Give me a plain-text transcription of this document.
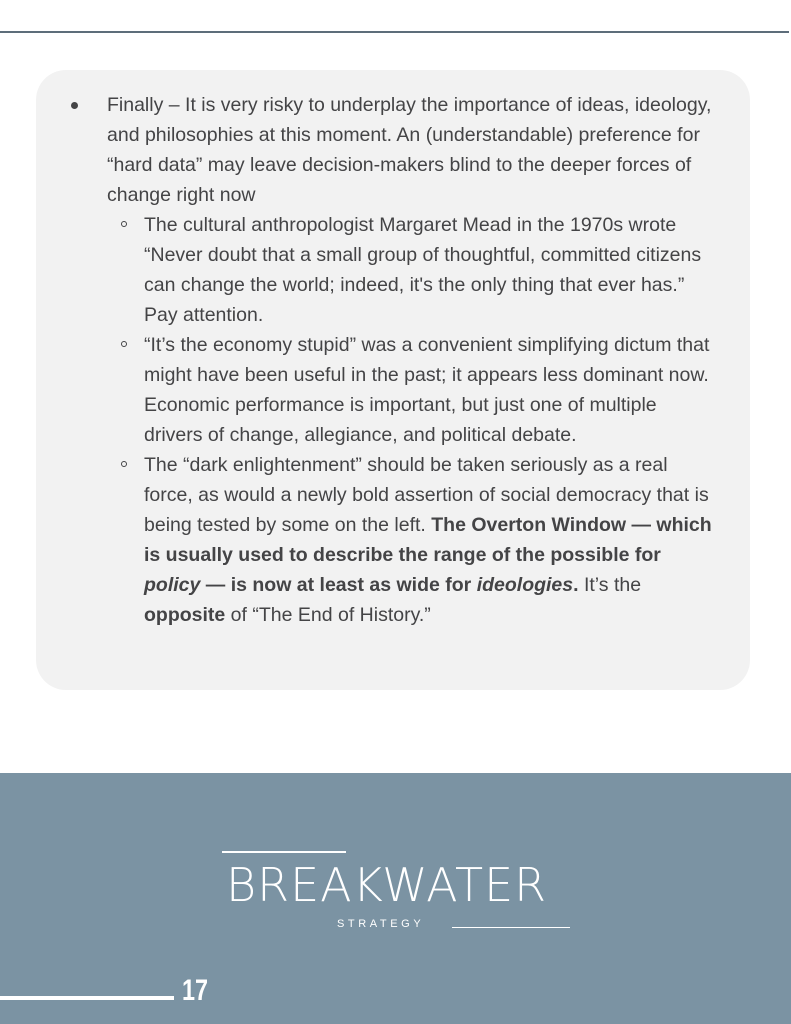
Finally – It is very risky to underplay the importance of ideas, ideology, and philosophies at this moment. An (understandable) preference for “hard data” may leave decision-makers blind to the deeper forces of change right now
The cultural anthropologist Margaret Mead in the 1970s wrote “Never doubt that a small group of thoughtful, committed citizens can change the world; indeed, it's the only thing that ever has.” Pay attention.
“It’s the economy stupid” was a convenient simplifying dictum that might have been useful in the past; it appears less dominant now. Economic performance is important, but just one of multiple drivers of change, allegiance, and political debate.
The “dark enlightenment” should be taken seriously as a real force, as would a newly bold assertion of social democracy that is being tested by some on the left. The Overton Window — which is usually used to describe the range of the possible for policy — is now at least as wide for ideologies. It’s the opposite of “The End of History.”
BREAKWATER
STRATEGY
17
